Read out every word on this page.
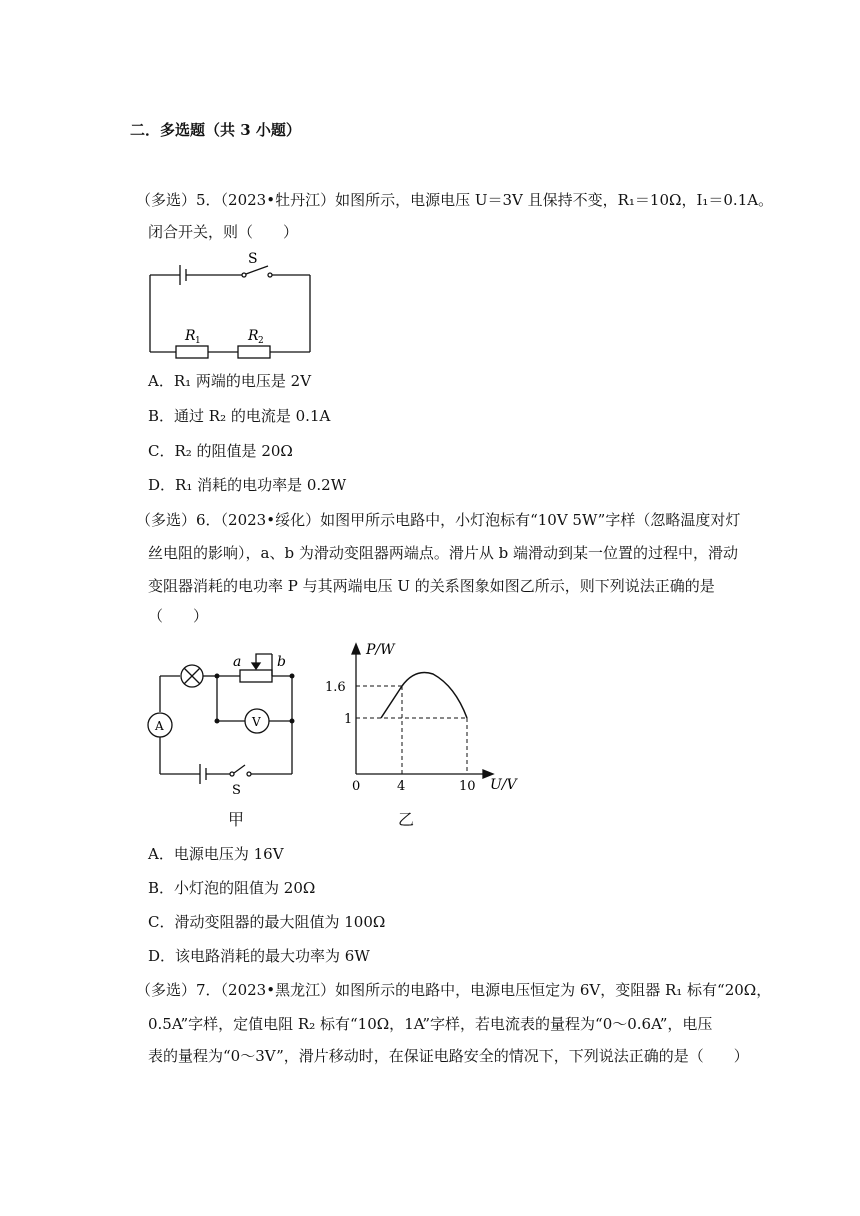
二．多选题（共 3 小题）
（多选）5．（2023•牡丹江）如图所示，电源电压 U＝3V 且保持不变，R₁＝10Ω，I₁＝0.1A。
闭合开关，则（　　）
S
R 1	R 2
A．R₁ 两端的电压是 2V
B．通过 R₂ 的电流是 0.1A
C．R₂ 的阻值是 20Ω
D．R₁ 消耗的电功率是 0.2W
（多选）6．（2023•绥化）如图甲所示电路中，小灯泡标有“10V 5W”字样（忽略温度对灯
丝电阻的影响），a、b 为滑动变阻器两端点。滑片从 b 端滑动到某一位置的过程中，滑动
变阻器消耗的电功率 P 与其两端电压 U 的关系图象如图乙所示，则下列说法正确的是
（　　）
a	b
A	V
S
甲
P/W
U/V
1.6
1
0	4	10
乙
A．电源电压为 16V
B．小灯泡的阻值为 20Ω
C．滑动变阻器的最大阻值为 100Ω
D．该电路消耗的最大功率为 6W
（多选）7．（2023•黑龙江）如图所示的电路中，电源电压恒定为 6V，变阻器 R₁ 标有“20Ω，
0.5A”字样，定值电阻 R₂ 标有“10Ω，1A”字样，若电流表的量程为“0～0.6A”，电压
表的量程为“0～3V”，滑片移动时，在保证电路安全的情况下，下列说法正确的是（　　）
